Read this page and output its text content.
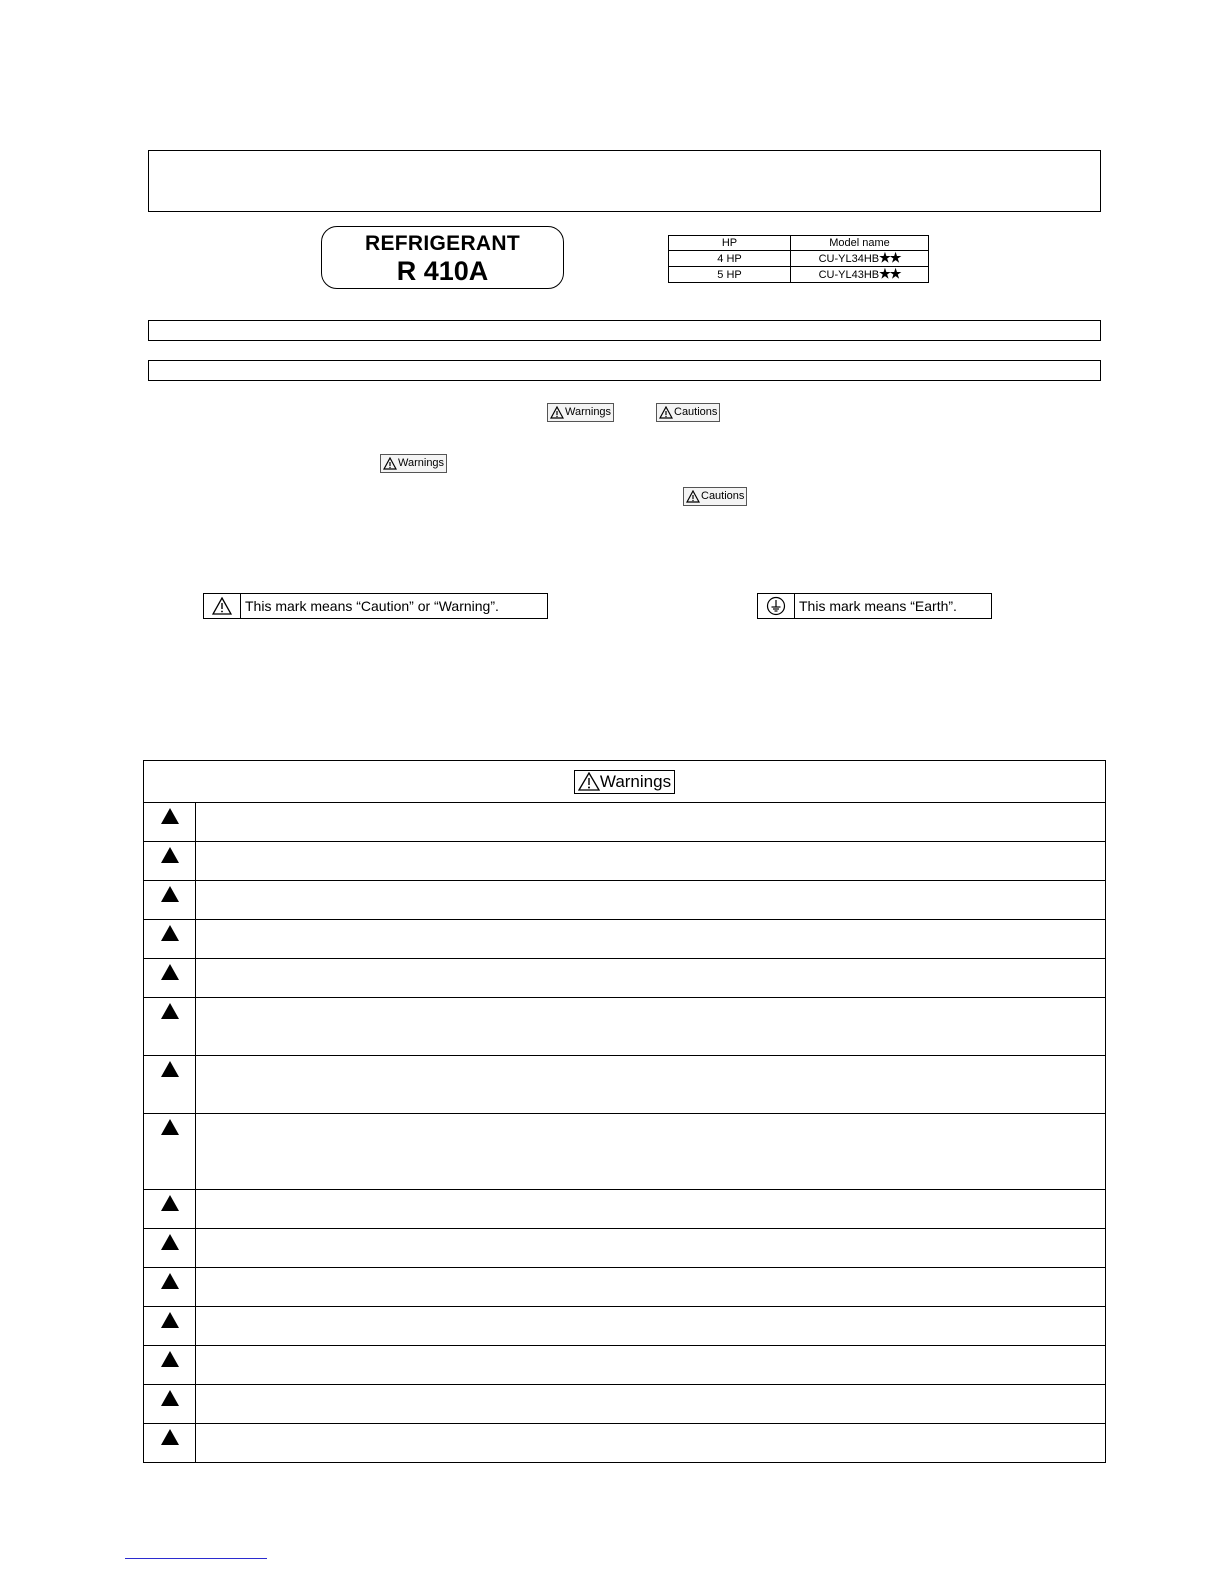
REFRIGERANT
R 410A
HP	Model name
4 HP	CU-YL34HB★★
5 HP	CU-YL43HB★★
Warnings	Cautions
Warnings
Cautions
This mark means “Caution” or “Warning”.	This mark means “Earth”.
Warnings
